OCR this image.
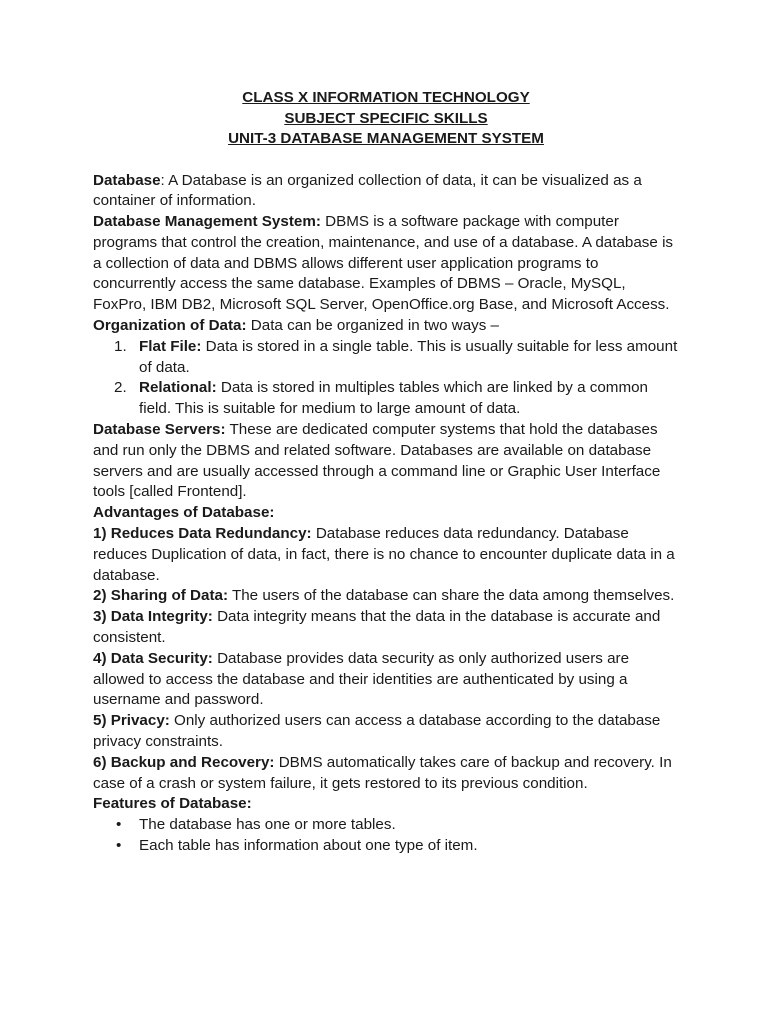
CLASS X INFORMATION TECHNOLOGY
SUBJECT SPECIFIC SKILLS
UNIT-3 DATABASE MANAGEMENT SYSTEM

Database: A Database is an organized collection of data, it can be visualized as a container of information.

Database Management System: DBMS is a software package with computer programs that control the creation, maintenance, and use of a database. A database is a collection of data and DBMS allows different user application programs to concurrently access the same database. Examples of DBMS – Oracle, MySQL, FoxPro, IBM DB2, Microsoft SQL Server, OpenOffice.org Base, and Microsoft Access.

Organization of Data: Data can be organized in two ways –

1. Flat File: Data is stored in a single table. This is usually suitable for less amount of data.
2. Relational: Data is stored in multiples tables which are linked by a common field. This is suitable for medium to large amount of data.

Database Servers: These are dedicated computer systems that hold the databases and run only the DBMS and related software. Databases are available on database servers and are usually accessed through a command line or Graphic User Interface tools [called Frontend].

Advantages of Database:

1) Reduces Data Redundancy: Database reduces data redundancy. Database reduces Duplication of data, in fact, there is no chance to encounter duplicate data in a database.

2) Sharing of Data: The users of the database can share the data among themselves.

3) Data Integrity: Data integrity means that the data in the database is accurate and consistent.

4) Data Security: Database provides data security as only authorized users are allowed to access the database and their identities are authenticated by using a username and password.

5) Privacy: Only authorized users can access a database according to the database privacy constraints.

6) Backup and Recovery: DBMS automatically takes care of backup and recovery. In case of a crash or system failure, it gets restored to its previous condition.

Features of Database:

• The database has one or more tables.
• Each table has information about one type of item.
